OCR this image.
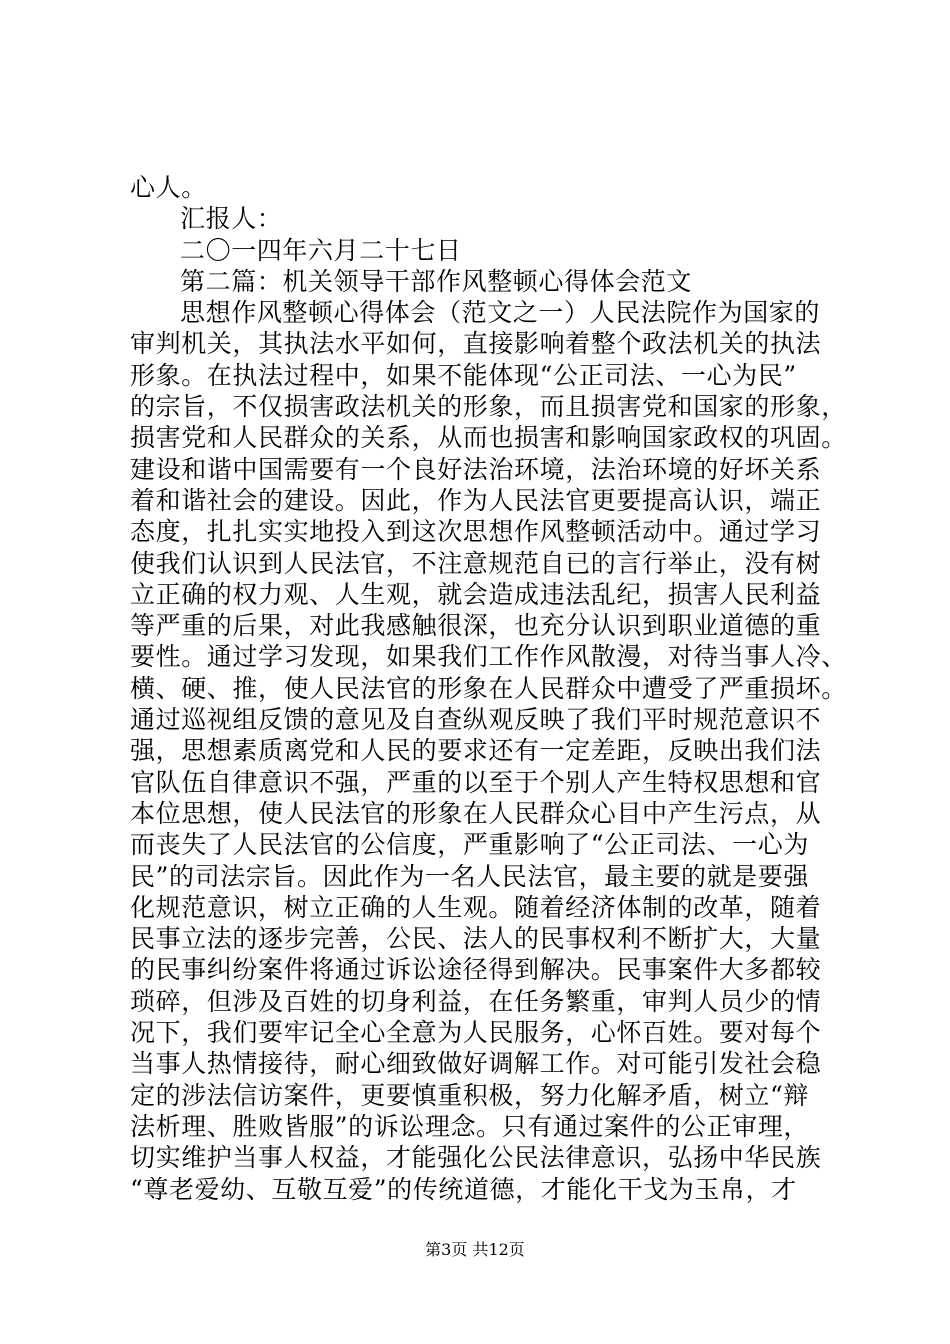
心人。
汇报人：
二〇一四年六月二十七日
第二篇：机关领导干部作风整顿心得体会范文
思想作风整顿心得体会（范文之一）人民法院作为国家的
审判机关，其执法水平如何，直接影响着整个政法机关的执法
形象。在执法过程中，如果不能体现“公正司法、一心为民”
的宗旨，不仅损害政法机关的形象，而且损害党和国家的形象，
损害党和人民群众的关系，从而也损害和影响国家政权的巩固。
建设和谐中国需要有一个良好法治环境，法治环境的好坏关系
着和谐社会的建设。因此，作为人民法官更要提高认识，端正
态度，扎扎实实地投入到这次思想作风整顿活动中。通过学习
使我们认识到人民法官，不注意规范自已的言行举止，没有树
立正确的权力观、人生观，就会造成违法乱纪，损害人民利益
等严重的后果，对此我感触很深，也充分认识到职业道德的重
要性。通过学习发现，如果我们工作作风散漫，对待当事人冷、
横、硬、推，使人民法官的形象在人民群众中遭受了严重损坏。
通过巡视组反馈的意见及自查纵观反映了我们平时规范意识不
强，思想素质离党和人民的要求还有一定差距，反映出我们法
官队伍自律意识不强，严重的以至于个别人产生特权思想和官
本位思想，使人民法官的形象在人民群众心目中产生污点，从
而丧失了人民法官的公信度，严重影响了“公正司法、一心为
民”的司法宗旨。因此作为一名人民法官，最主要的就是要强
化规范意识，树立正确的人生观。随着经济体制的改革，随着
民事立法的逐步完善，公民、法人的民事权利不断扩大，大量
的民事纠纷案件将通过诉讼途径得到解决。民事案件大多都较
琐碎，但涉及百姓的切身利益，在任务繁重，审判人员少的情
况下，我们要牢记全心全意为人民服务，心怀百姓。要对每个
当事人热情接待，耐心细致做好调解工作。对可能引发社会稳
定的涉法信访案件，更要慎重积极，努力化解矛盾，树立“辩
法析理、胜败皆服”的诉讼理念。只有通过案件的公正审理，
切实维护当事人权益，才能强化公民法律意识，弘扬中华民族
“尊老爱幼、互敬互爱”的传统道德，才能化干戈为玉帛，才
第3页 共12页
